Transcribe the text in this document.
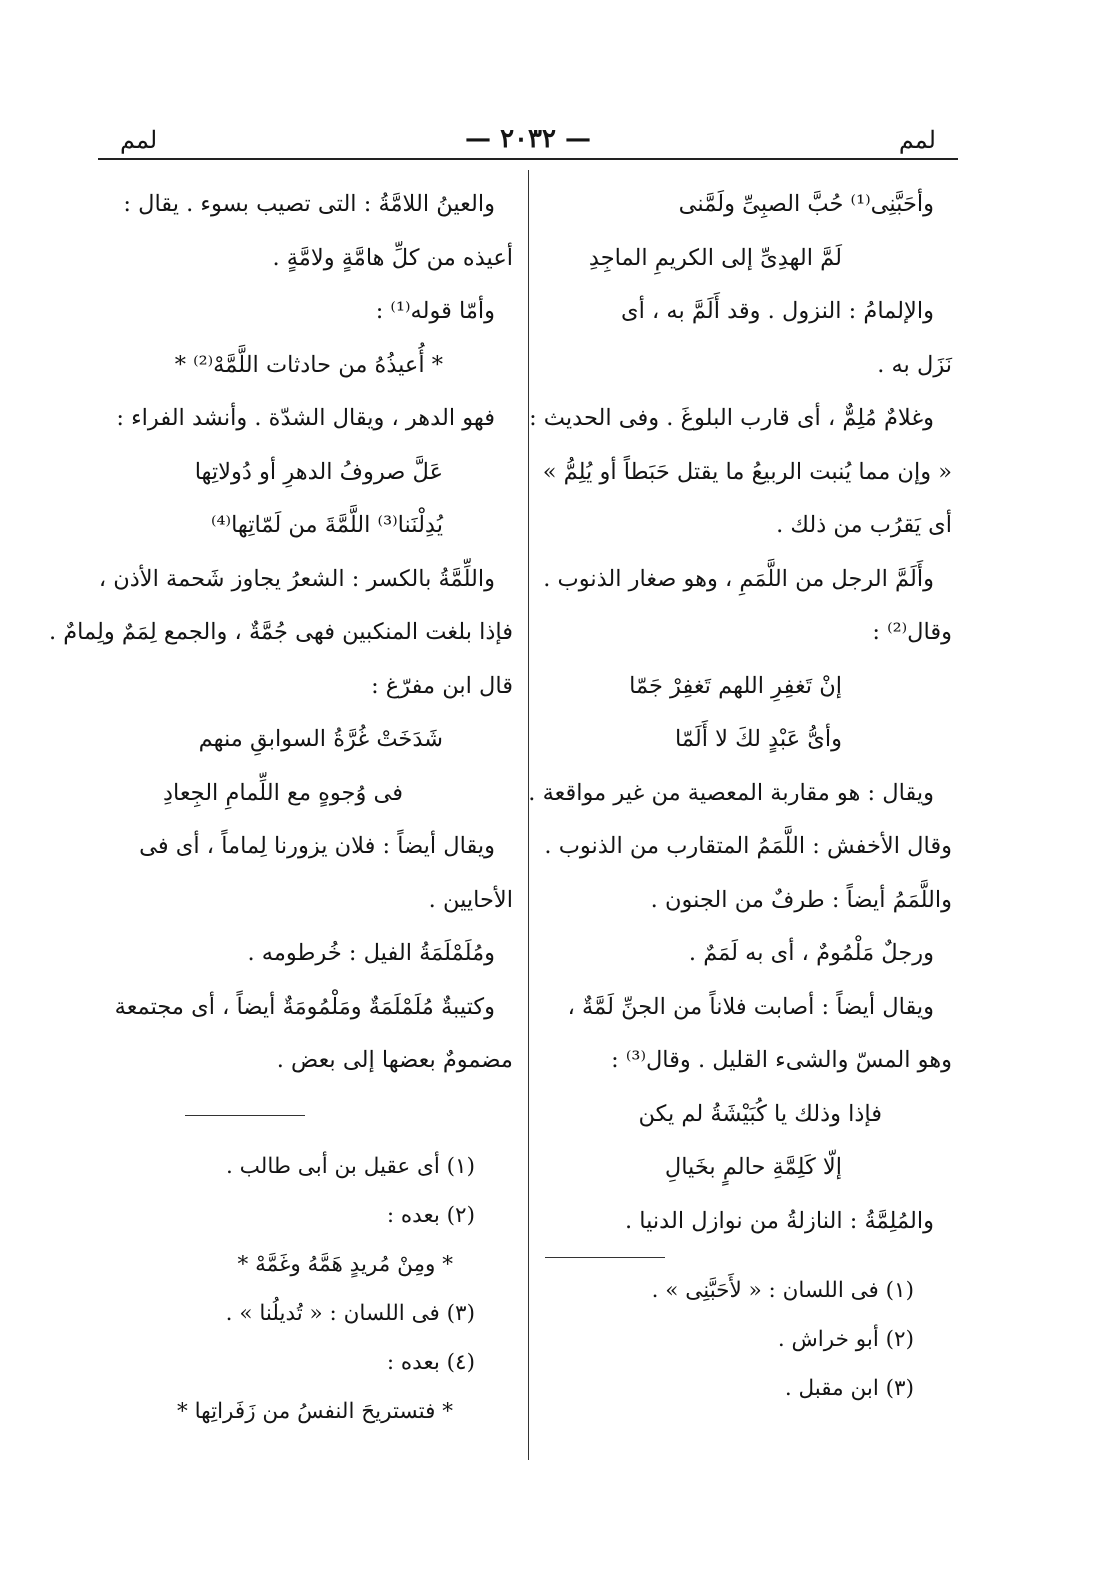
لمم	— ٢٠٣٢ —	لمم
وأحَبَّنِى⁽¹⁾ حُبَّ الصبِىِّ ولَمَّنى
لَمَّ الهدِىِّ إلى الكريمِ الماجِدِ
والإلمامُ : النزول . وقد أَلَمَّ به ، أى
نَزَل به .
وغلامٌ مُلِمٌّ ، أى قارب البلوغَ . وفى الحديث :
« وإن مما يُنبت الربيعُ ما يقتل حَبَطاً أو يُلِمُّ »
أى يَقرُب من ذلك .
وأَلَمَّ الرجل من اللَّمَمِ ، وهو صغار الذنوب .
وقال⁽²⁾ :
إنْ تَغفِرِ اللهم تَغفِرْ جَمّا
وأىُّ عَبْدٍ لكَ لا أَلَمّا
ويقال : هو مقاربة المعصية من غير مواقعة .
وقال الأخفش : اللَّمَمُ المتقارب من الذنوب .
واللَّمَمُ أيضاً : طرفٌ من الجنون .
ورجلٌ مَلْمُومٌ ، أى به لَمَمٌ .
ويقال أيضاً : أصابت فلاناً من الجنِّ لَمَّةٌ ،
وهو المسّ والشىء القليل . وقال⁽³⁾ :
فإذا وذلك يا كُبَيْشَةُ لم يكن
إلّا كَلِمَّةِ حالمٍ بخَيالِ
والمُلِمَّةُ : النازلةُ من نوازل الدنيا .
(١) فى اللسان : « لأَحَبَّنِى » .
(٢) أبو خراش .
(٣) ابن مقبل .
والعينُ اللامَّةُ : التى تصيب بسوء . يقال :
أعيذه من كلِّ هامَّةٍ ولامَّةٍ .
وأمّا قوله⁽¹⁾ :
* أُعيذُهُ من حادثات اللَّمَّهْ⁽²⁾ *
فهو الدهر ، ويقال الشدّة . وأنشد الفراء :
عَلَّ صروفُ الدهرِ أو دُولاتِها
يُدِلْنَنا⁽³⁾ اللَّمَّةَ من لَمّاتِها⁽⁴⁾
واللِّمَّةُ بالكسر : الشعرُ يجاوز شَحمة الأذن ،
فإذا بلغت المنكبين فهى جُمَّةٌ ، والجمع لِمَمٌ ولِمامٌ .
قال ابن مفرّغ :
شَدَخَتْ غُرَّةُ السوابقِ منهم
فى وُجوهٍ مع اللِّمامِ الجِعادِ
ويقال أيضاً : فلان يزورنا لِماماً ، أى فى
الأحايين .
ومُلَمْلَمَةُ الفيل : خُرطومه .
وكتيبةٌ مُلَمْلَمَةٌ ومَلْمُومَةٌ أيضاً ، أى مجتمعة
مضمومٌ بعضها إلى بعض .
(١) أى عقيل بن أبى طالب .
(٢) بعده :
* ومِنْ مُريدٍ هَمَّهُ وغَمَّهْ *
(٣) فى اللسان : « تُديلُنا » .
(٤) بعده :
* فتستريحَ النفسُ من زَفَراتِها *
